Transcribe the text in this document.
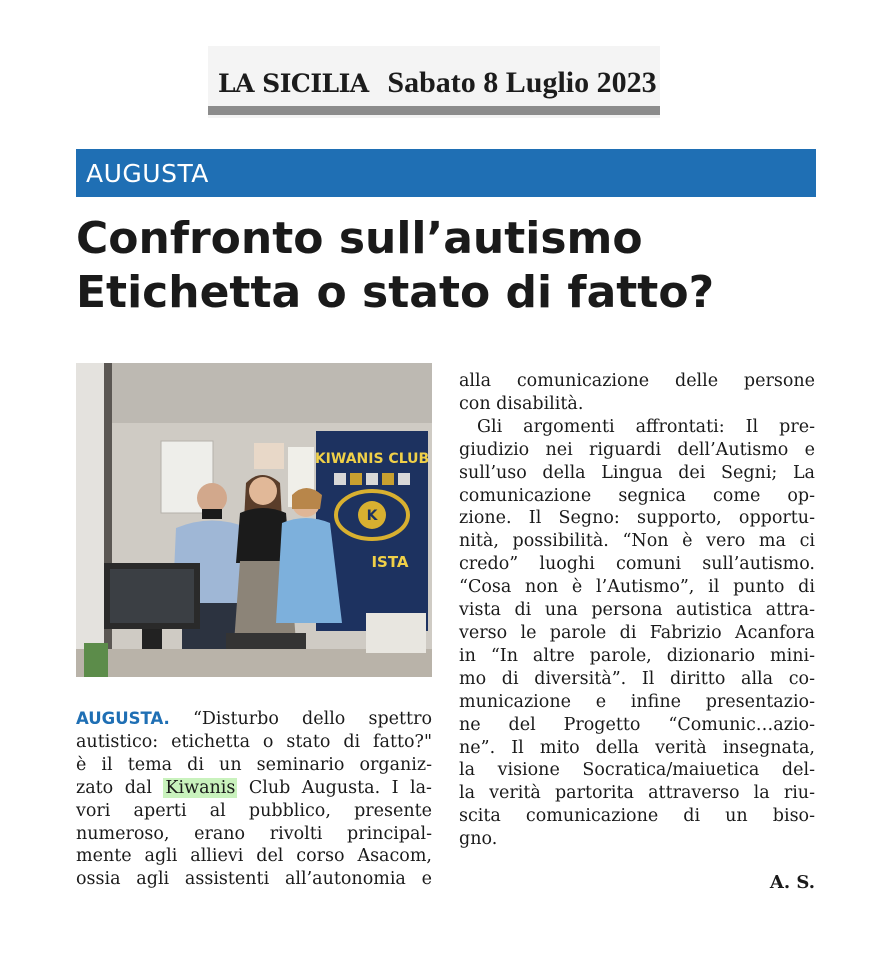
LA SICILIA Sabato 8 Luglio 2023
AUGUSTA
Confronto sull’autismo
Etichetta o stato di fatto?
KIWANIS CLUB
K
ISTA
AUGUSTA. “Disturbo dello spettro
autistico: etichetta o stato di fatto?"
è il tema di un seminario organiz-
zato dal Kiwanis Club Augusta. I la-
vori aperti al pubblico, presente
numeroso, erano rivolti principal-
mente agli allievi del corso Asacom,
ossia agli assistenti all’autonomia e
alla comunicazione delle persone
con disabilità.
Gli argomenti affrontati: Il pre-
giudizio nei riguardi dell’Autismo e
sull’uso della Lingua dei Segni; La
comunicazione segnica come op-
zione. Il Segno: supporto, opportu-
nità, possibilità. “Non è vero ma ci
credo” luoghi comuni sull’autismo.
“Cosa non è l’Autismo”, il punto di
vista di una persona autistica attra-
verso le parole di Fabrizio Acanfora
in “In altre parole, dizionario mini-
mo di diversità”. Il diritto alla co-
municazione e infine presentazio-
ne del Progetto “Comunic…azio-
ne”. Il mito della verità insegnata,
la visione Socratica/maiuetica del-
la verità partorita attraverso la riu-
scita comunicazione di un biso-
gno.
A. S.
